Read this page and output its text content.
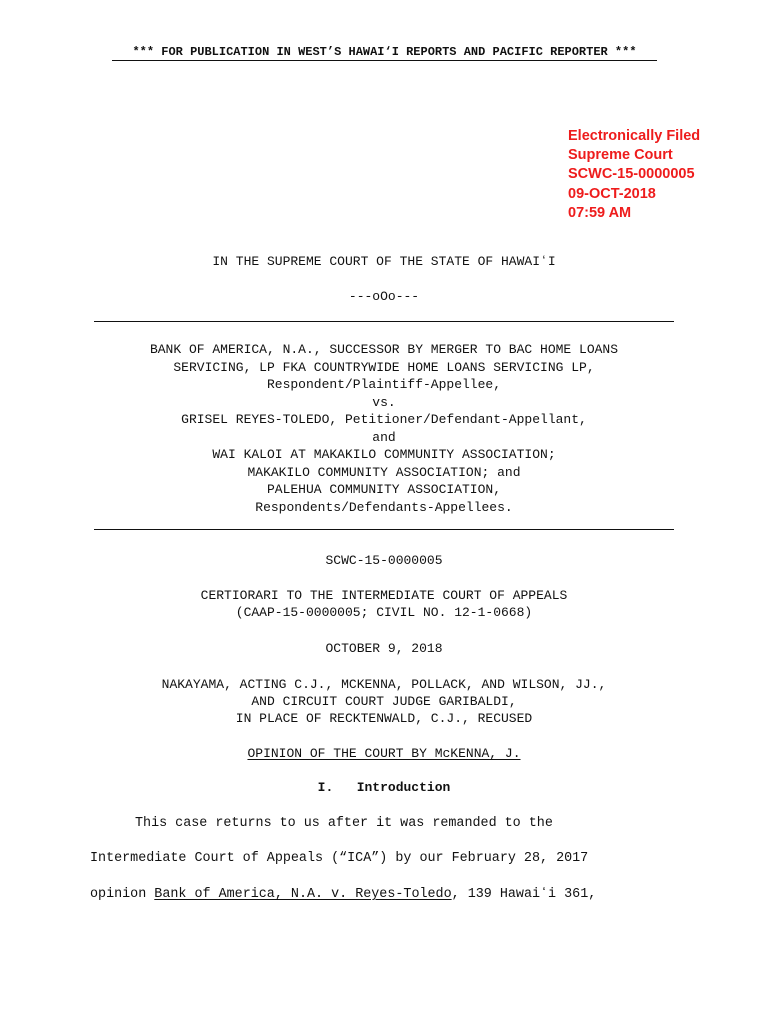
*** FOR PUBLICATION IN WEST’S HAWAI‘I REPORTS AND PACIFIC REPORTER ***
Electronically Filed
Supreme Court
SCWC-15-0000005
09-OCT-2018
07:59 AM
IN THE SUPREME COURT OF THE STATE OF HAWAIʻI
---oOo---
BANK OF AMERICA, N.A., SUCCESSOR BY MERGER TO BAC HOME LOANS
SERVICING, LP FKA COUNTRYWIDE HOME LOANS SERVICING LP,
Respondent/Plaintiff-Appellee,
vs.
GRISEL REYES-TOLEDO, Petitioner/Defendant-Appellant,
and
WAI KALOI AT MAKAKILO COMMUNITY ASSOCIATION;
MAKAKILO COMMUNITY ASSOCIATION; and
PALEHUA COMMUNITY ASSOCIATION,
Respondents/Defendants-Appellees.
SCWC-15-0000005
CERTIORARI TO THE INTERMEDIATE COURT OF APPEALS
(CAAP-15-0000005; CIVIL NO. 12-1-0668)
OCTOBER 9, 2018
NAKAYAMA, ACTING C.J., MCKENNA, POLLACK, AND WILSON, JJ.,
AND CIRCUIT COURT JUDGE GARIBALDI,
IN PLACE OF RECKTENWALD, C.J., RECUSED
OPINION OF THE COURT BY McKENNA, J.
I. Introduction
This case returns to us after it was remanded to the
Intermediate Court of Appeals (“ICA”) by our February 28, 2017
opinion Bank of America, N.A. v. Reyes-Toledo, 139 Hawaiʻi 361,
